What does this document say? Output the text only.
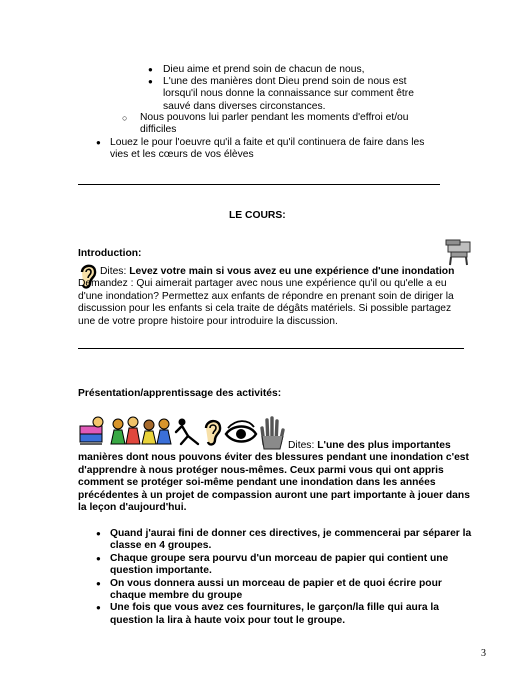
● Dieu aime et prend soin de chacun de nous,
● L'une des manières dont Dieu prend soin de nous est lorsqu'il nous donne la connaissance sur comment être sauvé dans diverses circonstances.
○ Nous pouvons lui parler pendant les moments d'effroi et/ou difficiles
● Louez le pour l'oeuvre qu'il a faite et qu'il continuera de faire dans les vies et les cœurs de vos élèves
LE COURS:
Introduction:
Dites: Levez votre main si vous avez eu une expérience d'une inondation Demandez : Qui aimerait partager avec nous une expérience qu'il ou qu'elle a eu d'une inondation? Permettez aux enfants de répondre en prenant soin de diriger la discussion pour les enfants si cela traite de dégâts matériels. Si possible partagez une de votre propre histoire pour introduire la discussion.
Présentation/apprentissage des activités:
Dites: L'une des plus importantes manières dont nous pouvons éviter des blessures pendant une inondation c'est d'apprendre à nous protéger nous-mêmes. Ceux parmi vous qui ont appris comment se protéger soi-même pendant une inondation dans les années précédentes à un projet de compassion auront une part importante à jouer dans la leçon d'aujourd'hui.
● Quand j'aurai fini de donner ces directives, je commencerai par séparer la classe en 4 groupes.
● Chaque groupe sera pourvu d'un morceau de papier qui contient une question importante.
● On vous donnera aussi un morceau de papier et de quoi écrire pour chaque membre du groupe
● Une fois que vous avez ces fournitures, le garçon/la fille qui aura la question la lira à haute voix pour tout le groupe.
3
